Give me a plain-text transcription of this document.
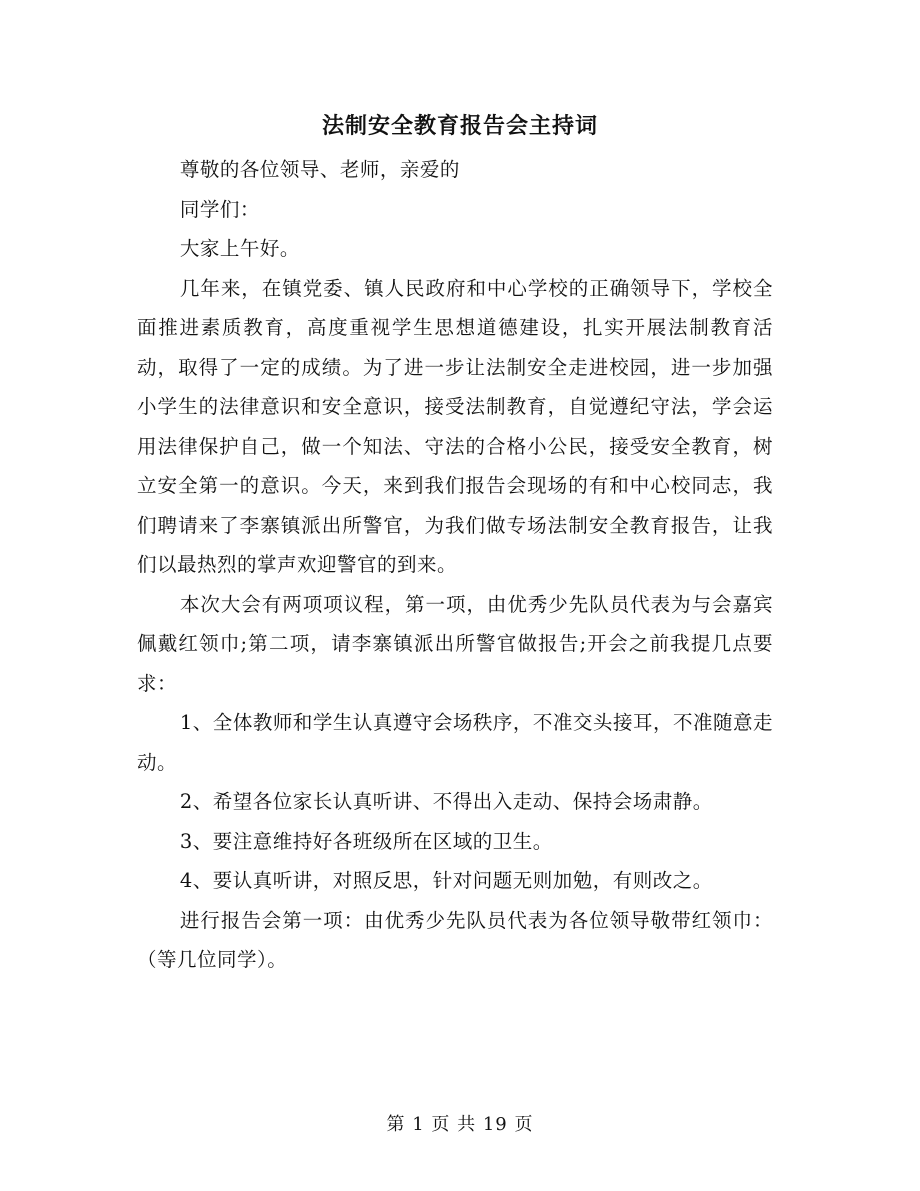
法制安全教育报告会主持词

尊敬的各位领导、老师，亲爱的

同学们：

大家上午好。

几年来，在镇党委、镇人民政府和中心学校的正确领导下，学校全面推进素质教育，高度重视学生思想道德建设，扎实开展法制教育活动，取得了一定的成绩。为了进一步让法制安全走进校园，进一步加强小学生的法律意识和安全意识，接受法制教育，自觉遵纪守法，学会运用法律保护自己，做一个知法、守法的合格小公民，接受安全教育，树立安全第一的意识。今天，来到我们报告会现场的有和中心校同志，我们聘请来了李寨镇派出所警官，为我们做专场法制安全教育报告，让我们以最热烈的掌声欢迎警官的到来。

本次大会有两项项议程，第一项，由优秀少先队员代表为与会嘉宾佩戴红领巾;第二项，请李寨镇派出所警官做报告;开会之前我提几点要求：

1、全体教师和学生认真遵守会场秩序，不准交头接耳，不准随意走动。

2、希望各位家长认真听讲、不得出入走动、保持会场肃静。

3、要注意维持好各班级所在区域的卫生。

4、要认真听讲，对照反思，针对问题无则加勉，有则改之。

进行报告会第一项：由优秀少先队员代表为各位领导敬带红领巾：（等几位同学）。

第 1 页 共 19 页
